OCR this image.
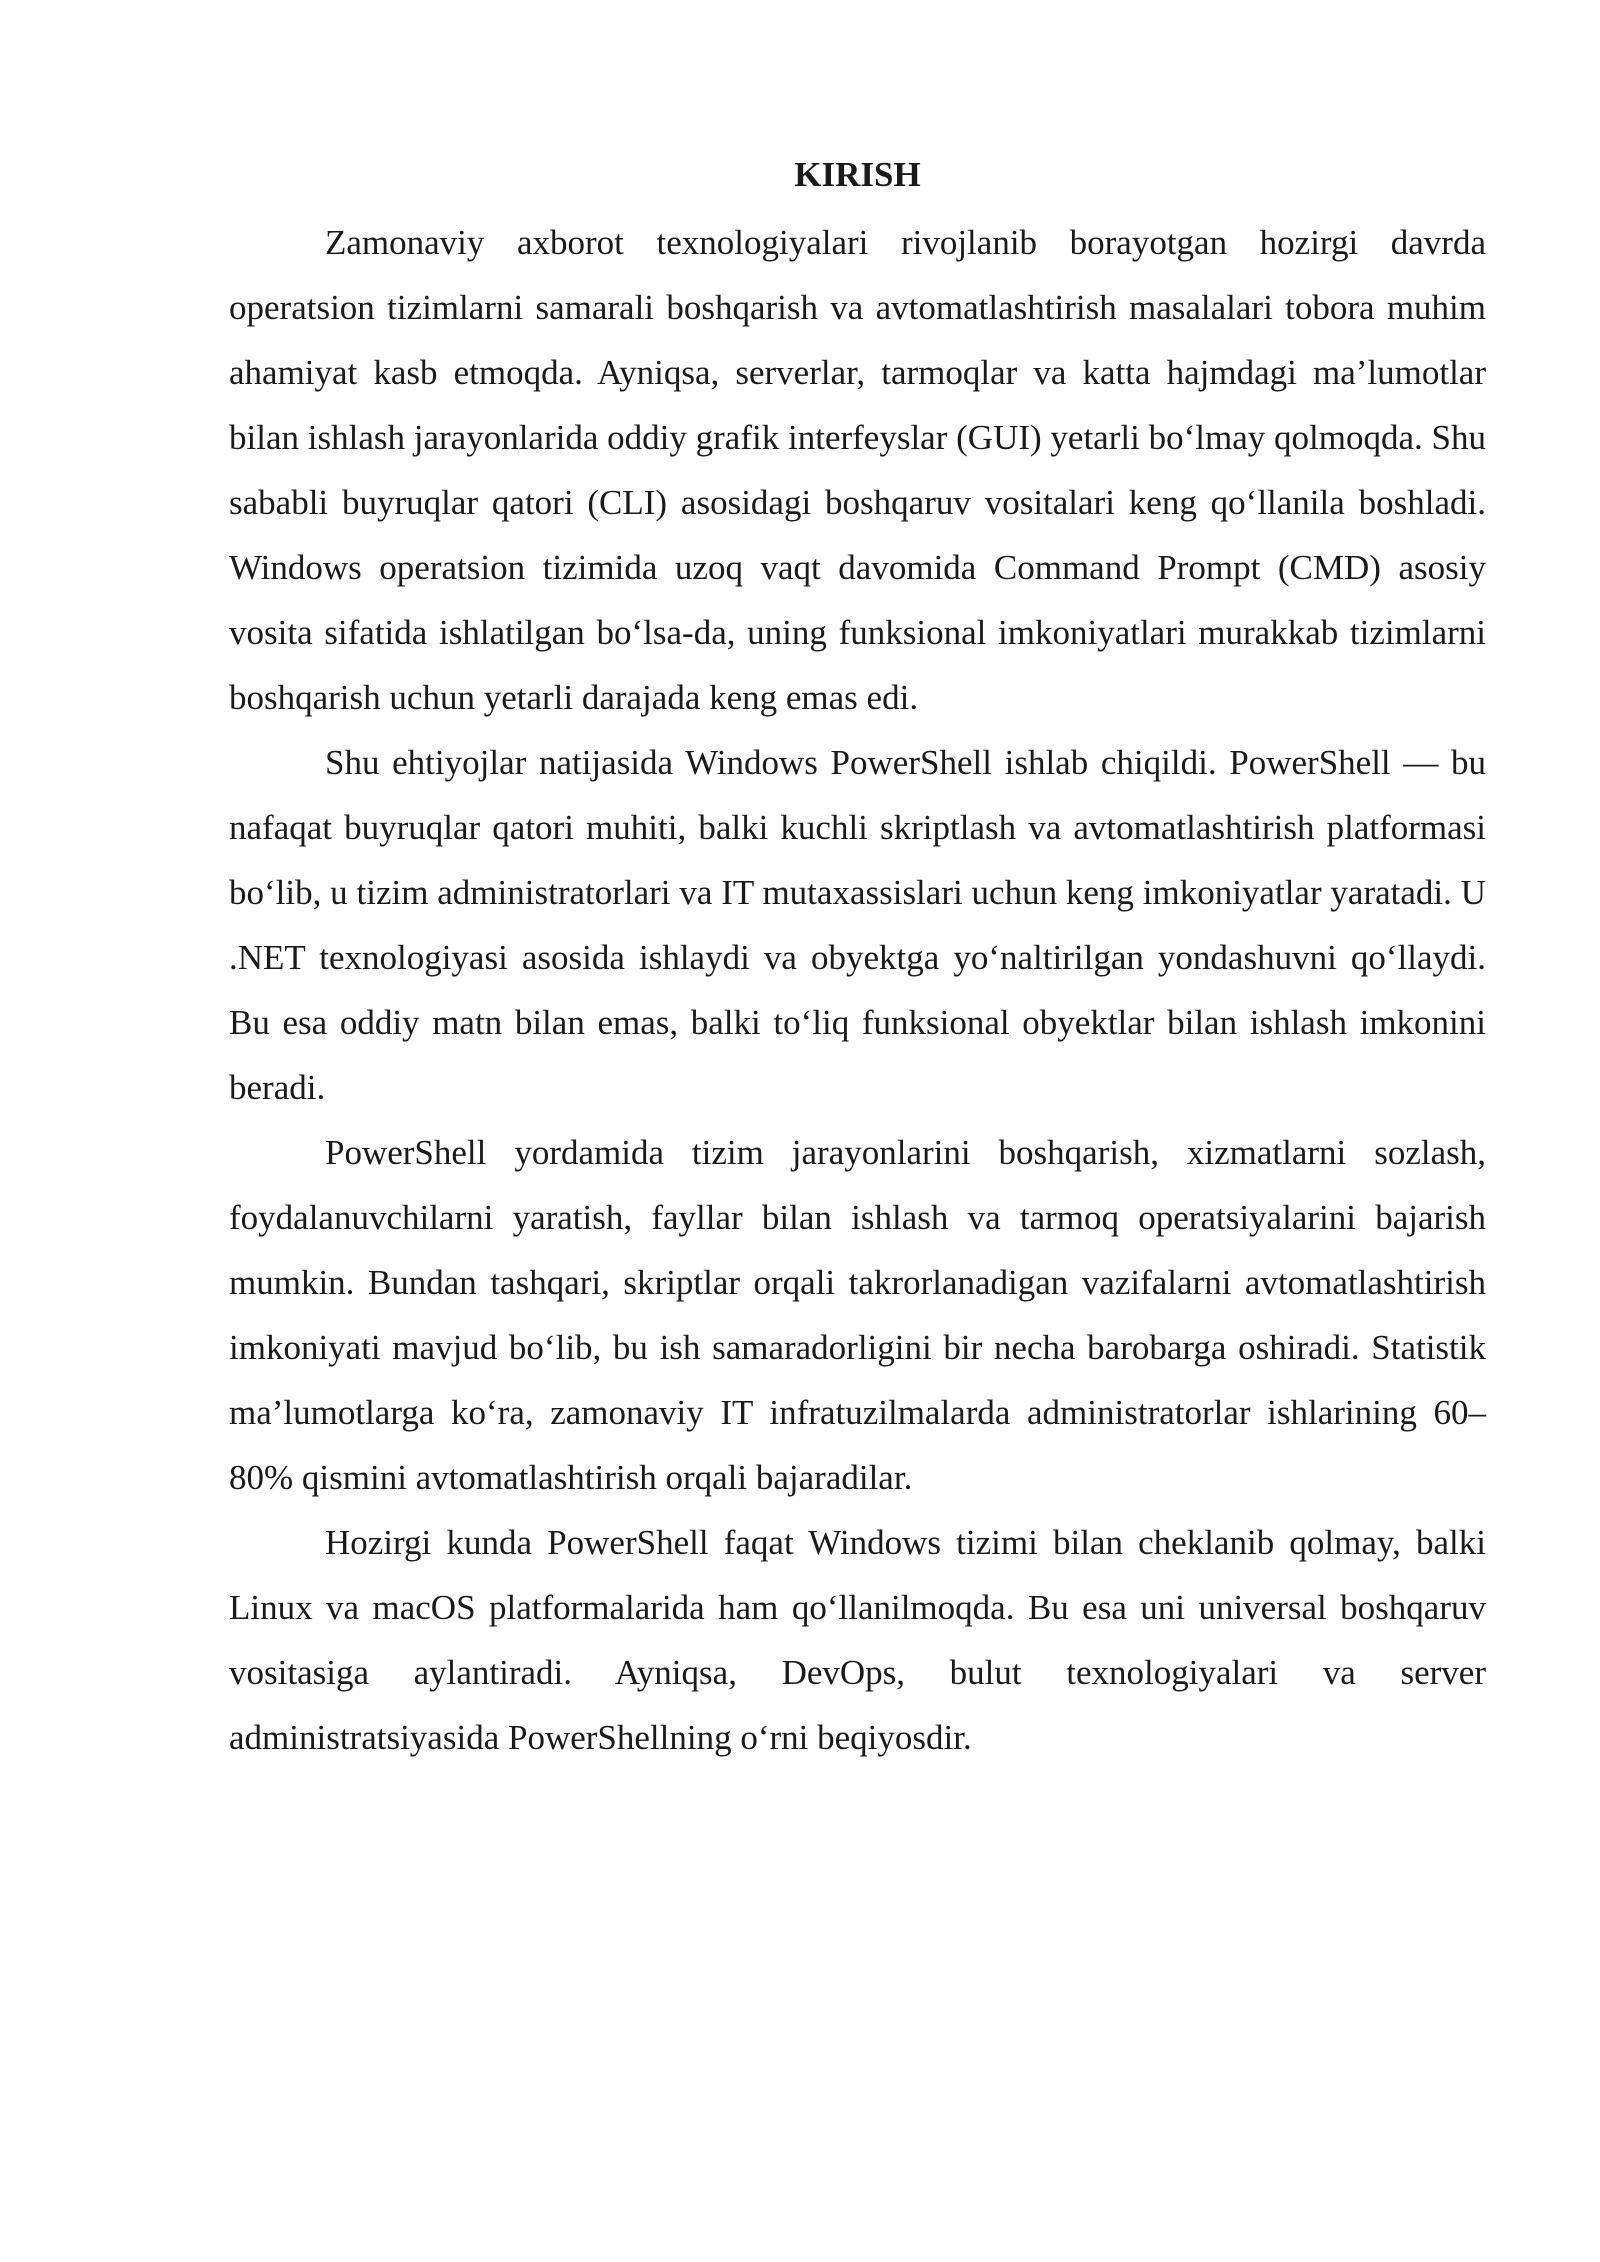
KIRISH

Zamonaviy axborot texnologiyalari rivojlanib borayotgan hozirgi davrda operatsion tizimlarni samarali boshqarish va avtomatlashtirish masalalari tobora muhim ahamiyat kasb etmoqda. Ayniqsa, serverlar, tarmoqlar va katta hajmdagi ma’lumotlar bilan ishlash jarayonlarida oddiy grafik interfeyslar (GUI) yetarli bo‘lmay qolmoqda. Shu sababli buyruqlar qatori (CLI) asosidagi boshqaruv vositalari keng qo‘llanila boshladi. Windows operatsion tizimida uzoq vaqt davomida Command Prompt (CMD) asosiy vosita sifatida ishlatilgan bo‘lsa-da, uning funksional imkoniyatlari murakkab tizimlarni boshqarish uchun yetarli darajada keng emas edi.

Shu ehtiyojlar natijasida Windows PowerShell ishlab chiqildi. PowerShell — bu nafaqat buyruqlar qatori muhiti, balki kuchli skriptlash va avtomatlashtirish platformasi bo‘lib, u tizim administratorlari va IT mutaxassislari uchun keng imkoniyatlar yaratadi. U .NET texnologiyasi asosida ishlaydi va obyektga yo‘naltirilgan yondashuvni qo‘llaydi. Bu esa oddiy matn bilan emas, balki to‘liq funksional obyektlar bilan ishlash imkonini beradi.

PowerShell yordamida tizim jarayonlarini boshqarish, xizmatlarni sozlash, foydalanuvchilarni yaratish, fayllar bilan ishlash va tarmoq operatsiyalarini bajarish mumkin. Bundan tashqari, skriptlar orqali takrorlanadigan vazifalarni avtomatlashtirish imkoniyati mavjud bo‘lib, bu ish samaradorligini bir necha barobarga oshiradi. Statistik ma’lumotlarga ko‘ra, zamonaviy IT infratuzilmalarda administratorlar ishlarining 60–80% qismini avtomatlashtirish orqali bajaradilar.

Hozirgi kunda PowerShell faqat Windows tizimi bilan cheklanib qolmay, balki Linux va macOS platformalarida ham qo‘llanilmoqda. Bu esa uni universal boshqaruv vositasiga aylantiradi. Ayniqsa, DevOps, bulut texnologiyalari va server administratsiyasida PowerShellning o‘rni beqiyosdir.
